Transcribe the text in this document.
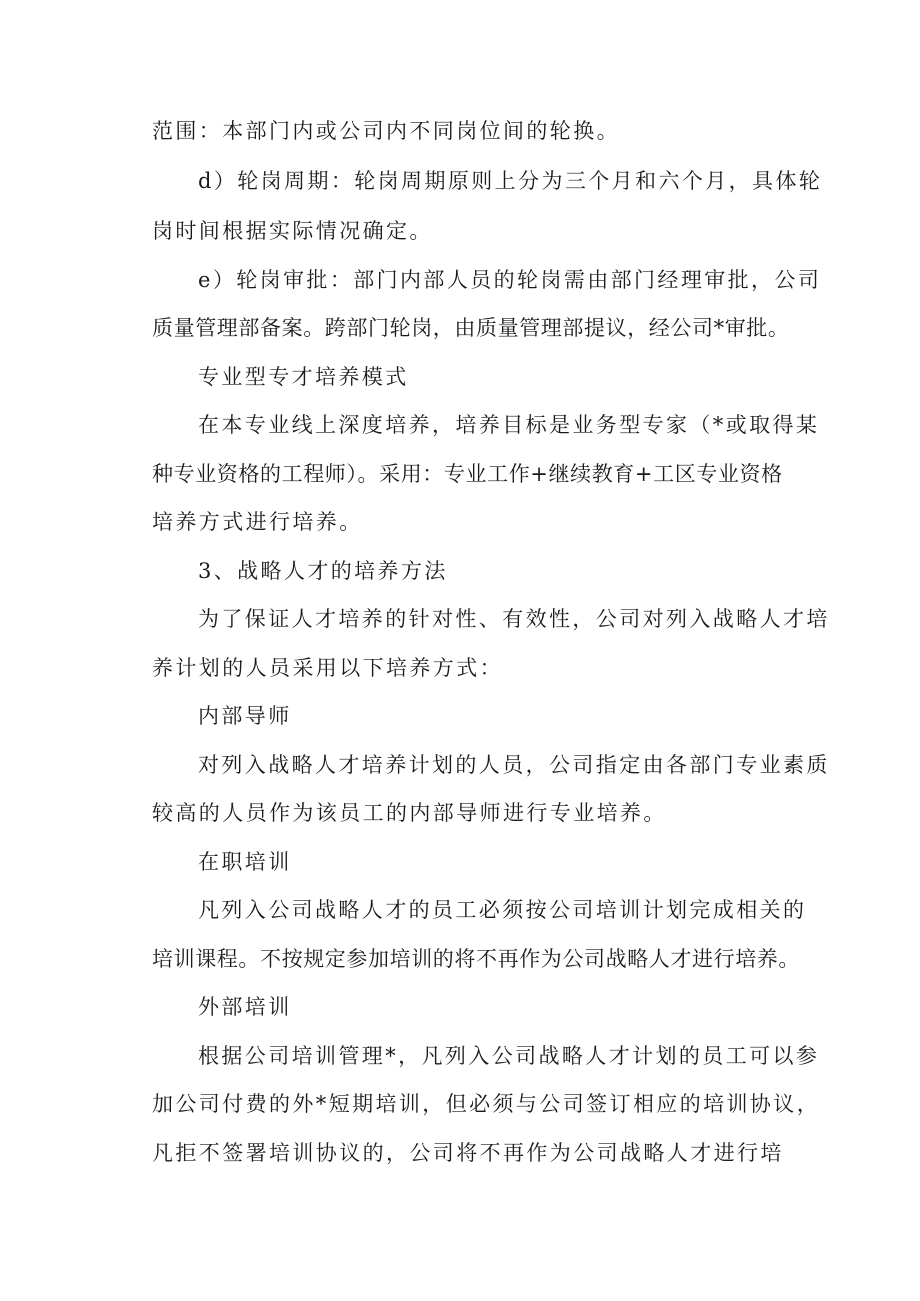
范围：本部门内或公司内不同岗位间的轮换。
d）轮岗周期：轮岗周期原则上分为三个月和六个月，具体轮
岗时间根据实际情况确定。
e）轮岗审批：部门内部人员的轮岗需由部门经理审批，公司
质量管理部备案。跨部门轮岗，由质量管理部提议，经公司*审批。
专业型专才培养模式
在本专业线上深度培养，培养目标是业务型专家（*或取得某
种专业资格的工程师）。采用：专业工作+继续教育+工区专业资格
培养方式进行培养。
3、战略人才的培养方法
为了保证人才培养的针对性、有效性，公司对列入战略人才培
养计划的人员采用以下培养方式：
内部导师
对列入战略人才培养计划的人员，公司指定由各部门专业素质
较高的人员作为该员工的内部导师进行专业培养。
在职培训
凡列入公司战略人才的员工必须按公司培训计划完成相关的
培训课程。不按规定参加培训的将不再作为公司战略人才进行培养。
外部培训
根据公司培训管理*，凡列入公司战略人才计划的员工可以参
加公司付费的外*短期培训，但必须与公司签订相应的培训协议，
凡拒不签署培训协议的，公司将不再作为公司战略人才进行培
